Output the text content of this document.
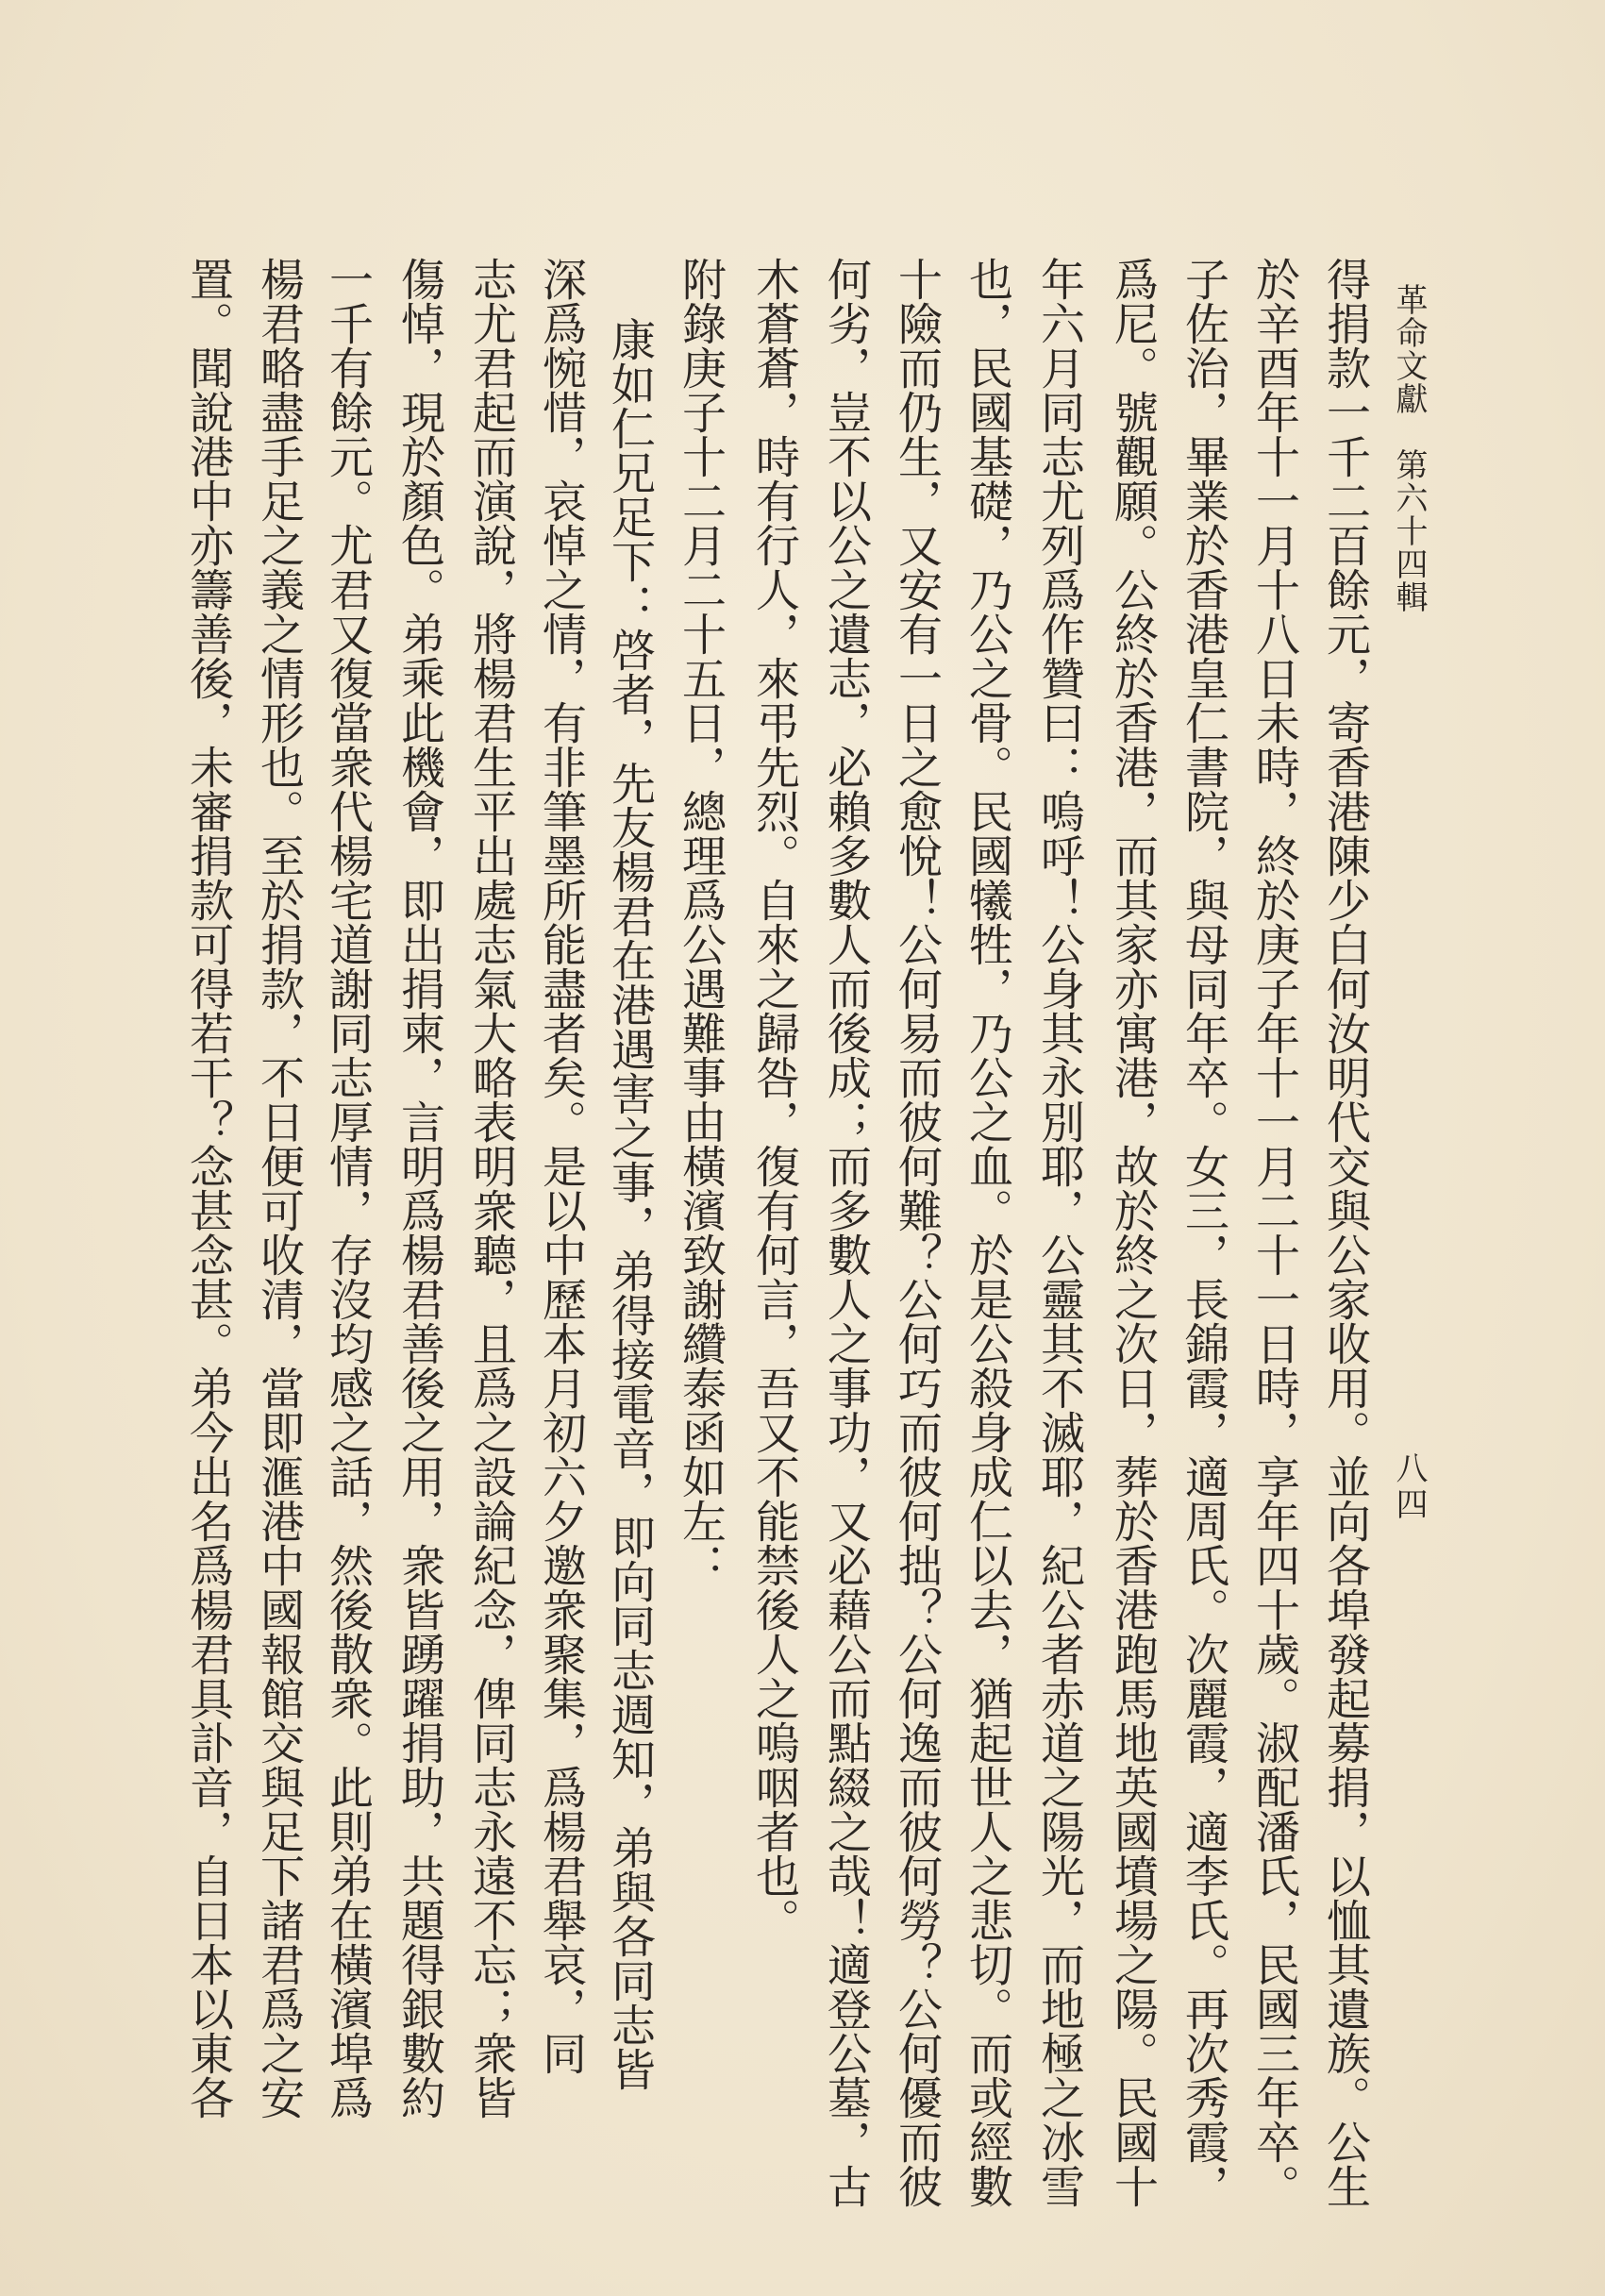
革命文獻　第六十四輯
八四
得捐款一千二百餘元，寄香港陳少白何汝明代交與公家收用。並向各埠發起募捐，以恤其遺族。公生
於辛酉年十一月十八日未時，終於庚子年十一月二十一日時，享年四十歲。淑配潘氏，民國三年卒。
子佐治，畢業於香港皇仁書院，與母同年卒。女三，長錦霞，適周氏。次麗霞，適李氏。再次秀霞，
爲尼。號觀願。公終於香港，而其家亦寓港，故於終之次日，葬於香港跑馬地英國墳場之陽。民國十
年六月同志尤列爲作贊曰：嗚呼！公身其永別耶，公靈其不滅耶，紀公者赤道之陽光，而地極之冰雪
也，民國基礎，乃公之骨。民國犧牲，乃公之血。於是公殺身成仁以去，猶起世人之悲切。而或經數
十險而仍生，又安有一日之愈悅！公何易而彼何難？公何巧而彼何拙？公何逸而彼何勞？公何優而彼
何劣，豈不以公之遺志，必賴多數人而後成；而多數人之事功，又必藉公而點綴之哉！適登公墓，古
木蒼蒼，時有行人，來弔先烈。自來之歸咎，復有何言，吾又不能禁後人之嗚咽者也。
附錄庚子十二月二十五日，總理爲公遇難事由橫濱致謝纘泰函如左：
康如仁兄足下：啓者，先友楊君在港遇害之事，弟得接電音，即向同志週知，弟與各同志皆
深爲惋惜，哀悼之情，有非筆墨所能盡者矣。是以中歷本月初六夕邀衆聚集，爲楊君舉哀，同
志尤君起而演說，將楊君生平出處志氣大略表明衆聽，且爲之設論紀念，俾同志永遠不忘；衆皆
傷悼，現於顏色。弟乘此機會，即出捐柬，言明爲楊君善後之用，衆皆踴躍捐助，共題得銀數約
一千有餘元。尤君又復當衆代楊宅道謝同志厚情，存沒均感之話，然後散衆。此則弟在橫濱埠爲
楊君略盡手足之義之情形也。至於捐款，不日便可收清，當即滙港中國報館交與足下諸君爲之安
置。聞說港中亦籌善後，未審捐款可得若干？念甚念甚。弟今出名爲楊君具訃音，自日本以東各
